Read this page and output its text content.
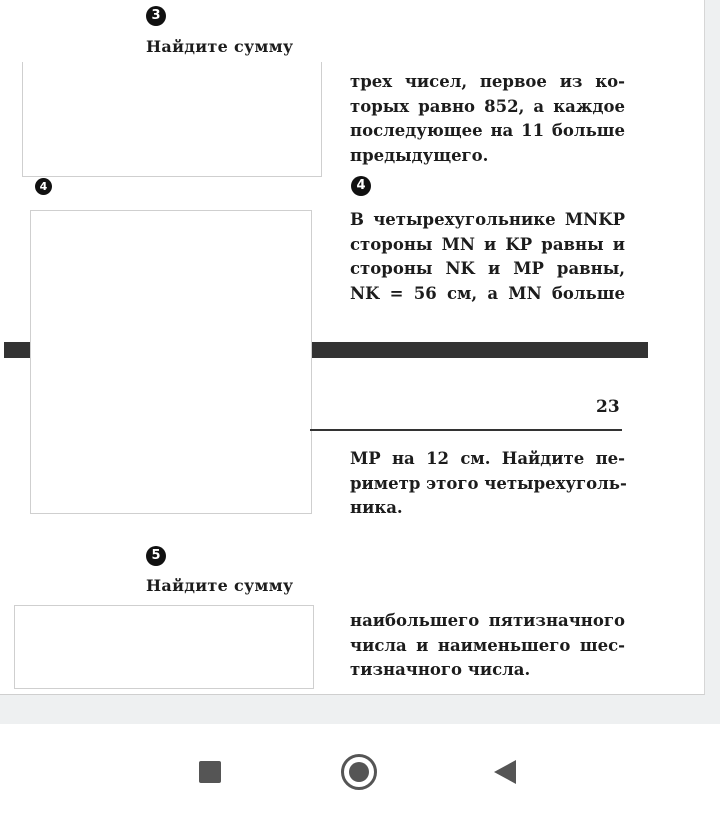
3
Найдите сумму
трех чисел, первое из ко-
торых равно 852, а каждое
последующее на 11 больше
предыдущего.
4	4
В четырехугольнике MNKP
стороны MN и KP равны и
стороны NK и MP равны,
NK = 56 см, а MN больше
23
MP на 12 см. Найдите пе-
риметр этого четырехуголь-
ника.
5
Найдите сумму
наибольшего пятизначного
числа и наименьшего шес-
тизначного числа.
